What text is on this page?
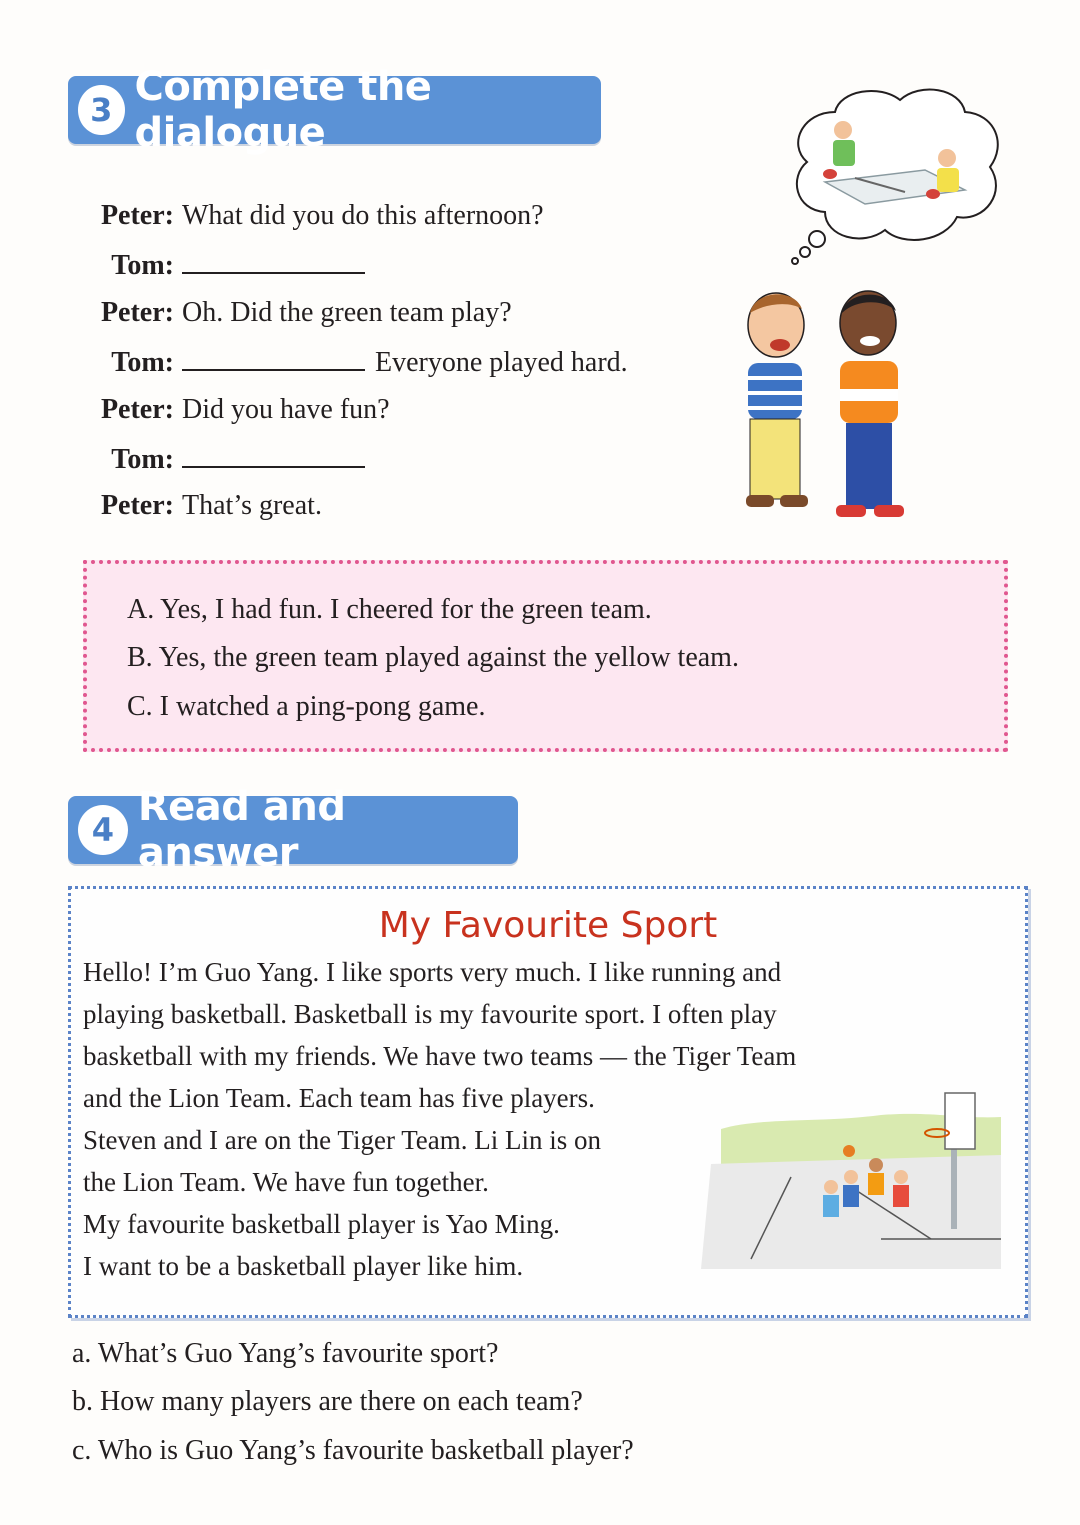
3 Complete the dialogue
Peter: What did you do this afternoon?
Tom:
Peter: Oh. Did the green team play?
Tom:	Everyone played hard.
Peter: Did you have fun?
Tom:
Peter: That’s great.
A. Yes, I had fun. I cheered for the green team.
B. Yes, the green team played against the yellow team.
C. I watched a ping-pong game.
4 Read and answer
My Favourite Sport
Hello! I’m Guo Yang. I like sports very much. I like running and
playing basketball. Basketball is my favourite sport. I often play
basketball with my friends. We have two teams — the Tiger Team
and the Lion Team. Each team has five players.
Steven and I are on the Tiger Team. Li Lin is on
the Lion Team. We have fun together.
My favourite basketball player is Yao Ming.
I want to be a basketball player like him.
a. What’s Guo Yang’s favourite sport?
b. How many players are there on each team?
c. Who is Guo Yang’s favourite basketball player?
